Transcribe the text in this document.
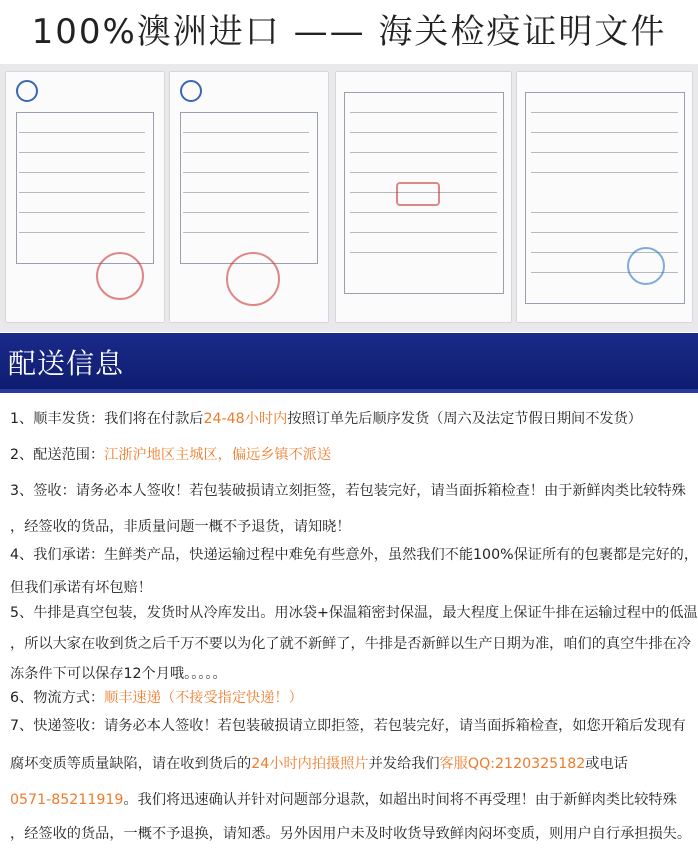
100%澳洲进口 —— 海关检疫证明文件
配送信息
1、顺丰发货：我们将在付款后24-48小时内按照订单先后顺序发货（周六及法定节假日期间不发货）
2、配送范围：江浙沪地区主城区，偏远乡镇不派送
3、签收：请务必本人签收！若包装破损请立刻拒签，若包装完好，请当面拆箱检查！由于新鲜肉类比较特殊
，经签收的货品，非质量问题一概不予退货，请知晓！
4、我们承诺：生鲜类产品，快递运输过程中难免有些意外，虽然我们不能100%保证所有的包裹都是完好的，
但我们承诺有坏包赔！
5、牛排是真空包装，发货时从冷库发出。用冰袋+保温箱密封保温，最大程度上保证牛排在运输过程中的低温
，所以大家在收到货之后千万不要以为化了就不新鲜了，牛排是否新鲜以生产日期为准，咱们的真空牛排在冷
冻条件下可以保存12个月哦。。。。。
6、物流方式：顺丰速递（不接受指定快递！）
7、快递签收：请务必本人签收！若包装破损请立即拒签，若包装完好，请当面拆箱检查，如您开箱后发现有
腐坏变质等质量缺陷，请在收到货后的24小时内拍摄照片并发给我们客服QQ:2120325182或电话
0571-85211919。我们将迅速确认并针对问题部分退款，如超出时间将不再受理！由于新鲜肉类比较特殊
，经签收的货品，一概不予退换，请知悉。另外因用户未及时收货导致鲜肉闷坏变质，则用户自行承担损失。
